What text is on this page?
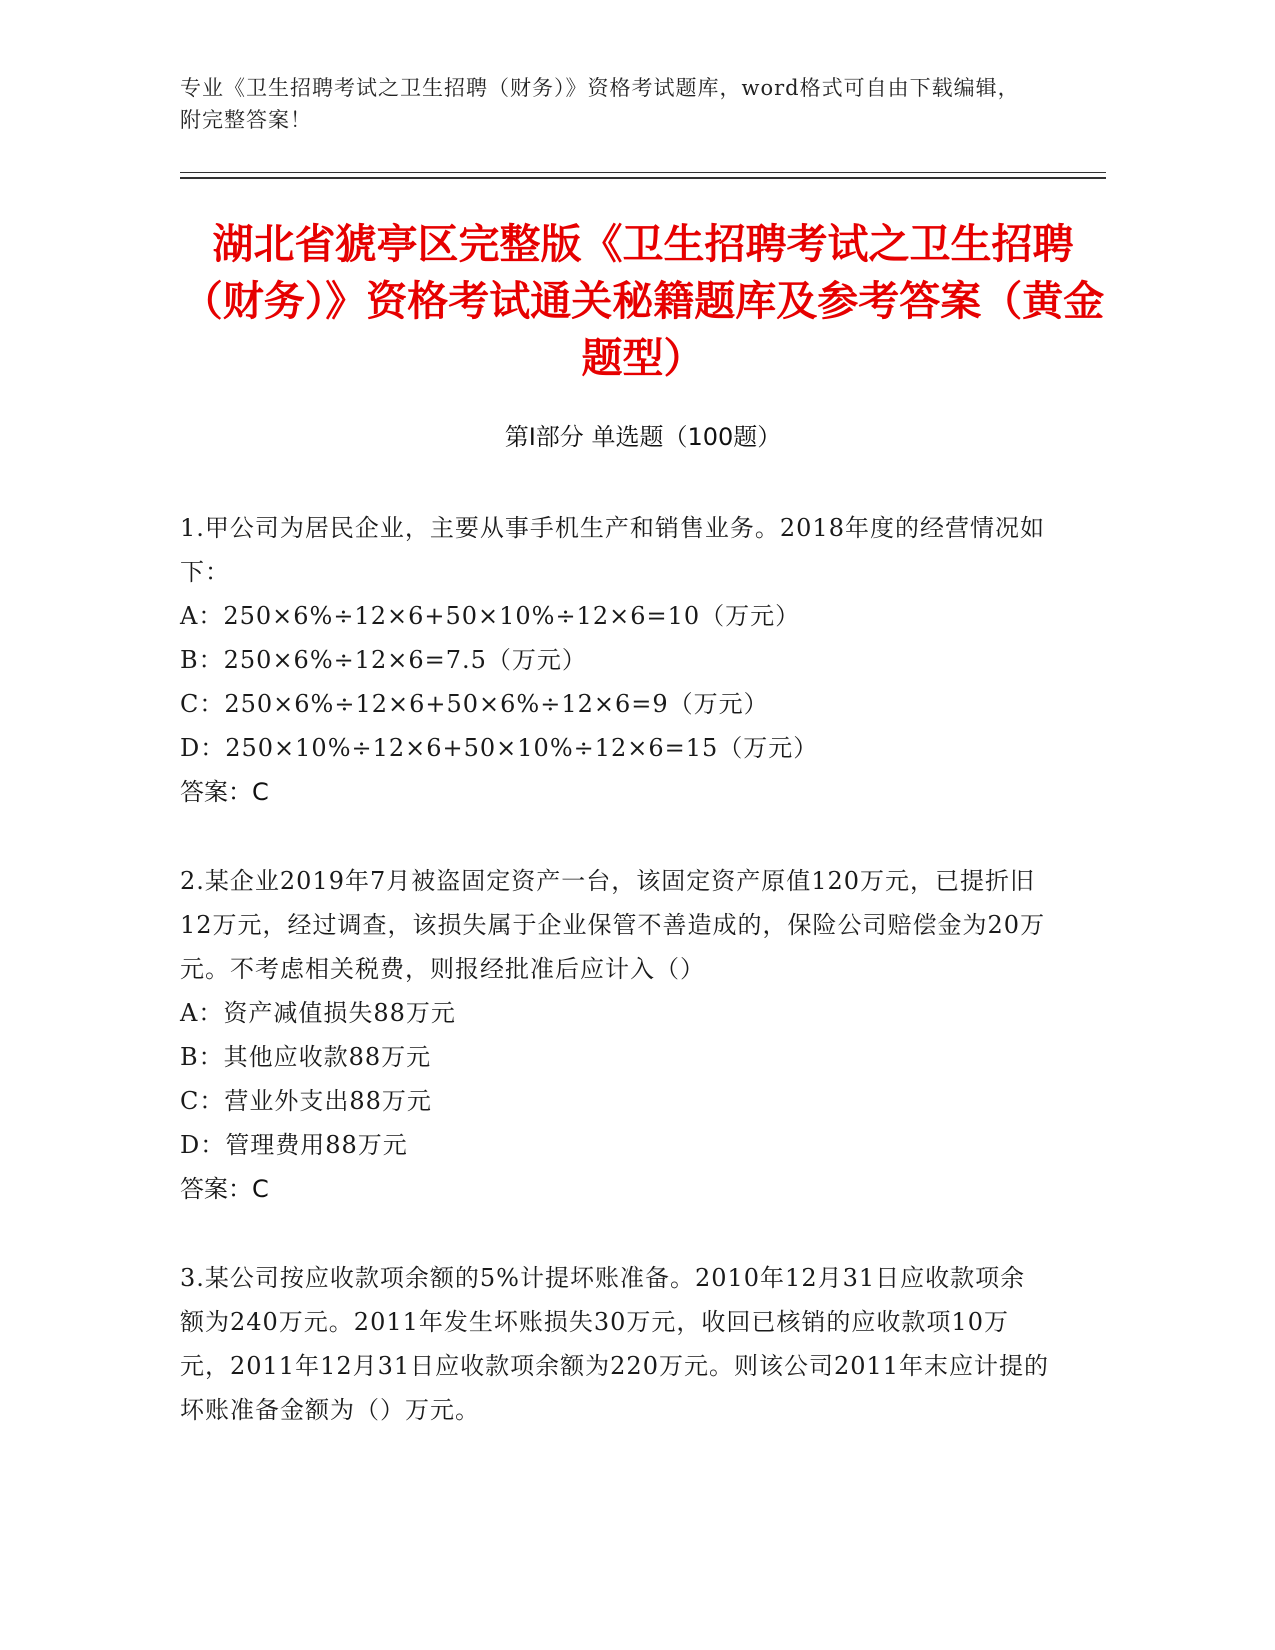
专业《卫生招聘考试之卫生招聘（财务）》资格考试题库，word格式可自由下载编辑，附完整答案！
湖北省猇亭区完整版《卫生招聘考试之卫生招聘（财务）》资格考试通关秘籍题库及参考答案（黄金题型）
第Ⅰ部分 单选题（100题）
1.甲公司为居民企业，主要从事手机生产和销售业务。2018年度的经营情况如下：
A：250×6%÷12×6+50×10%÷12×6=10（万元）
B：250×6%÷12×6=7.5（万元）
C：250×6%÷12×6+50×6%÷12×6=9（万元）
D：250×10%÷12×6+50×10%÷12×6=15（万元）
答案：C
2.某企业2019年7月被盗固定资产一台，该固定资产原值120万元，已提折旧12万元，经过调查，该损失属于企业保管不善造成的，保险公司赔偿金为20万元。不考虑相关税费，则报经批准后应计入（）
A：资产减值损失88万元
B：其他应收款88万元
C：营业外支出88万元
D：管理费用88万元
答案：C
3.某公司按应收款项余额的5%计提坏账准备。2010年12月31日应收款项余额为240万元。2011年发生坏账损失30万元，收回已核销的应收款项10万元，2011年12月31日应收款项余额为220万元。则该公司2011年末应计提的坏账准备金额为（）万元。
